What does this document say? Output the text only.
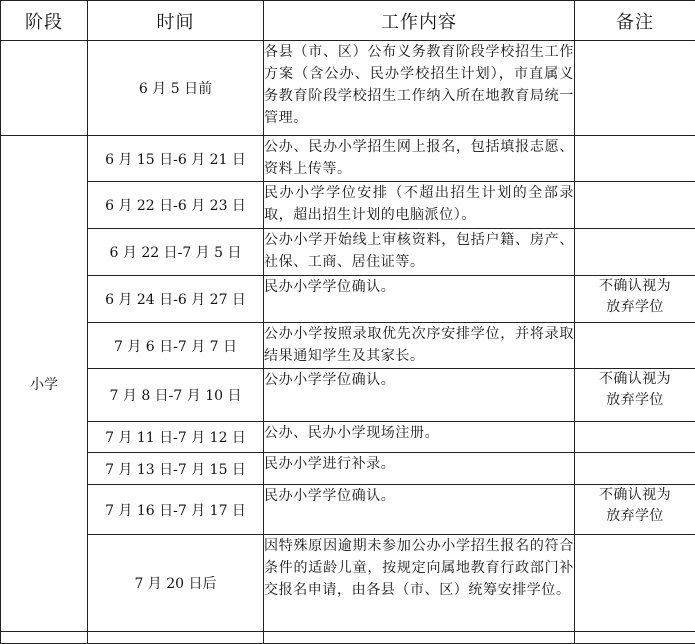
阶段	时间	工作内容	备注
	6 月 5 日前	各县（市、区）公布义务教育阶段学校招生工作方案（含公办、民办学校招生计划），市直属义务教育阶段学校招生工作纳入所在地教育局统一管理。	
小学	6 月 15 日-6 月 21 日	公办、民办小学招生网上报名，包括填报志愿、资料上传等。	
	6 月 22 日-6 月 23 日	民办小学学位安排（不超出招生计划的全部录取，超出招生计划的电脑派位）。	
	6 月 22 日-7 月 5 日	公办小学开始线上审核资料，包括户籍、房产、社保、工商、居住证等。	
	6 月 24 日-6 月 27 日	民办小学学位确认。	不确认视为放弃学位
	7 月 6 日-7 月 7 日	公办小学按照录取优先次序安排学位，并将录取结果通知学生及其家长。	
	7 月 8 日-7 月 10 日	公办小学学位确认。	不确认视为放弃学位
	7 月 11 日-7 月 12 日	公办、民办小学现场注册。	
	7 月 13 日-7 月 15 日	民办小学进行补录。	
	7 月 16 日-7 月 17 日	民办小学学位确认。	不确认视为放弃学位
	7 月 20 日后	因特殊原因逾期未参加公办小学招生报名的符合条件的适龄儿童，按规定向属地教育行政部门补交报名申请，由各县（市、区）统筹安排学位。	
